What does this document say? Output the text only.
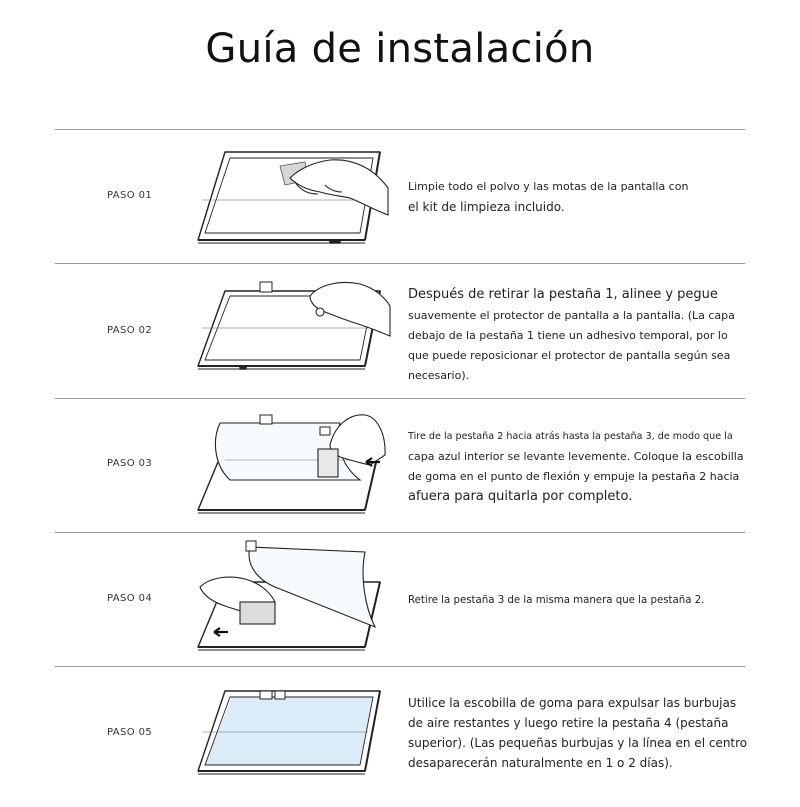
Guía de instalación
PASO 01
Limpie todo el polvo y las motas de la pantalla con
el kit de limpieza incluido.
PASO 02
Después de retirar la pestaña 1, alinee y pegue
suavemente el protector de pantalla a la pantalla. (La capa
debajo de la pestaña 1 tiene un adhesivo temporal, por lo
que puede reposicionar el protector de pantalla según sea
necesario).
PASO 03
Tire de la pestaña 2 hacia atrás hasta la pestaña 3, de modo que la
capa azul interior se levante levemente. Coloque la escobilla
de goma en el punto de flexión y empuje la pestaña 2 hacia
afuera para quitarla por completo.
PASO 04	Retire la pestaña 3 de la misma manera que la pestaña 2.
PASO 05
Utilice la escobilla de goma para expulsar las burbujas
de aire restantes y luego retire la pestaña 4 (pestaña
superior). (Las pequeñas burbujas y la línea en el centro
desaparecerán naturalmente en 1 o 2 días).
